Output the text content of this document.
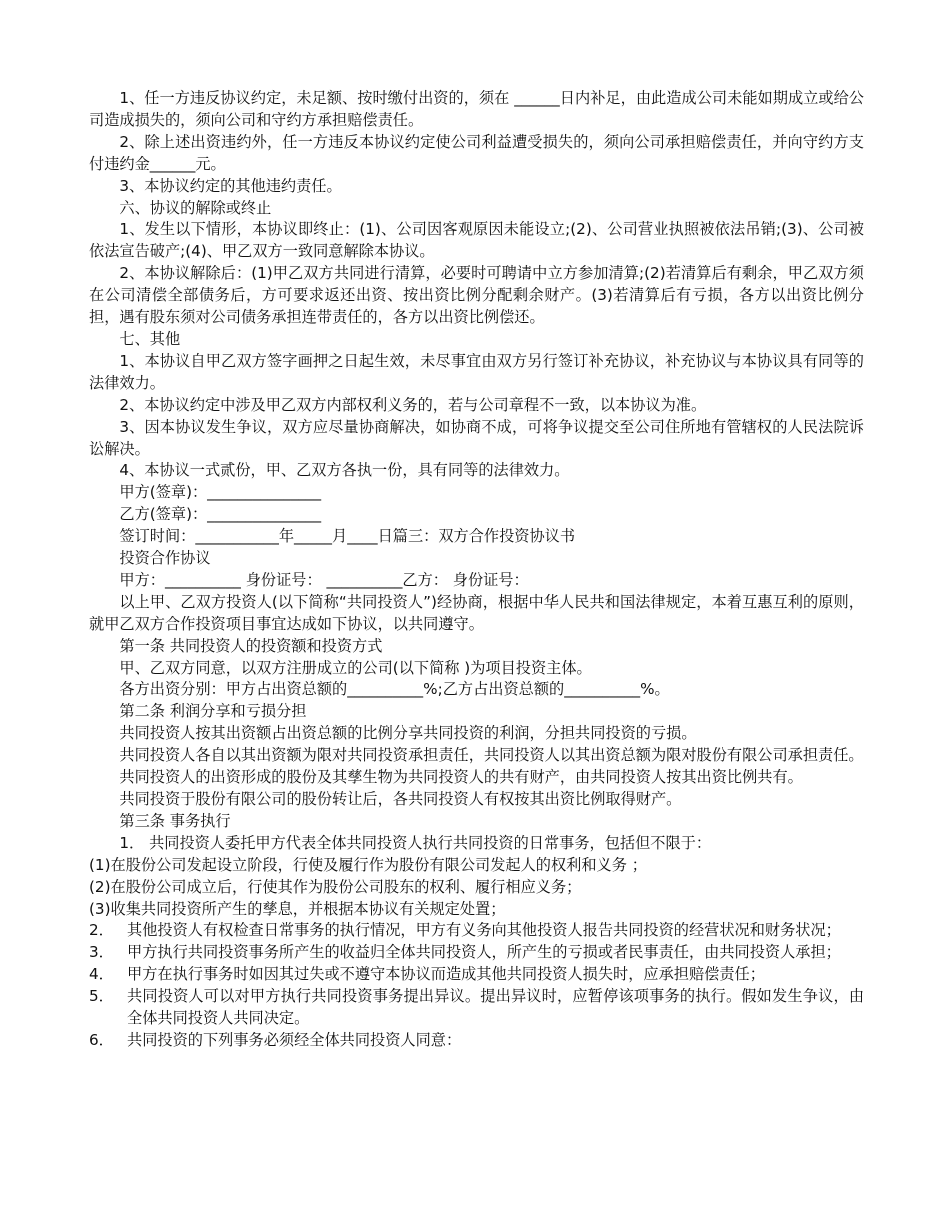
1、任一方违反协议约定，未足额、按时缴付出资的，须在 ______日内补足，由此造成公司未能如期成立或给公司造成损失的，须向公司和守约方承担赔偿责任。

2、除上述出资违约外，任一方违反本协议约定使公司利益遭受损失的，须向公司承担赔偿责任，并向守约方支付违约金______元。

3、本协议约定的其他违约责任。

六、协议的解除或终止

1、发生以下情形，本协议即终止：(1)、公司因客观原因未能设立;(2)、公司营业执照被依法吊销;(3)、公司被依法宣告破产;(4)、甲乙双方一致同意解除本协议。

2、本协议解除后：(1)甲乙双方共同进行清算，必要时可聘请中立方参加清算;(2)若清算后有剩余，甲乙双方须在公司清偿全部债务后，方可要求返还出资、按出资比例分配剩余财产。(3)若清算后有亏损，各方以出资比例分担，遇有股东须对公司债务承担连带责任的，各方以出资比例偿还。

七、其他

1、本协议自甲乙双方签字画押之日起生效，未尽事宜由双方另行签订补充协议，补充协议与本协议具有同等的法律效力。

2、本协议约定中涉及甲乙双方内部权利义务的，若与公司章程不一致，以本协议为准。

3、因本协议发生争议，双方应尽量协商解决，如协商不成，可将争议提交至公司住所地有管辖权的人民法院诉讼解决。

4、本协议一式贰份，甲、乙双方各执一份，具有同等的法律效力。

甲方(签章)：_______________

乙方(签章)：_______________

签订时间：___________年_____月____日篇三：双方合作投资协议书

投资合作协议

甲方：__________ 身份证号： __________乙方： 身份证号：

以上甲、乙双方投资人(以下简称“共同投资人”)经协商，根据中华人民共和国法律规定，本着互惠互利的原则，就甲乙双方合作投资项目事宜达成如下协议，以共同遵守。

第一条 共同投资人的投资额和投资方式

甲、乙双方同意，以双方注册成立的公司(以下简称 )为项目投资主体。

各方出资分别：甲方占出资总额的__________%;乙方占出资总额的__________%。

第二条 利润分享和亏损分担

共同投资人按其出资额占出资总额的比例分享共同投资的利润，分担共同投资的亏损。

共同投资人各自以其出资额为限对共同投资承担责任，共同投资人以其出资总额为限对股份有限公司承担责任。

共同投资人的出资形成的股份及其孳生物为共同投资人的共有财产，由共同投资人按其出资比例共有。

共同投资于股份有限公司的股份转让后，各共同投资人有权按其出资比例取得财产。

第三条 事务执行

1． 共同投资人委托甲方代表全体共同投资人执行共同投资的日常事务，包括但不限于：

(1)在股份公司发起设立阶段，行使及履行作为股份有限公司发起人的权利和义务 ；

(2)在股份公司成立后，行使其作为股份公司股东的权利、履行相应义务；

(3)收集共同投资所产生的孳息，并根据本协议有关规定处置；

2． 其他投资人有权检查日常事务的执行情况，甲方有义务向其他投资人报告共同投资的经营状况和财务状况；
3． 甲方执行共同投资事务所产生的收益归全体共同投资人，所产生的亏损或者民事责任，由共同投资人承担；
4． 甲方在执行事务时如因其过失或不遵守本协议而造成其他共同投资人损失时，应承担赔偿责任；
5． 共同投资人可以对甲方执行共同投资事务提出异议。提出异议时，应暂停该项事务的执行。假如发生争议，由全体共同投资人共同决定。
6． 共同投资的下列事务必须经全体共同投资人同意：
